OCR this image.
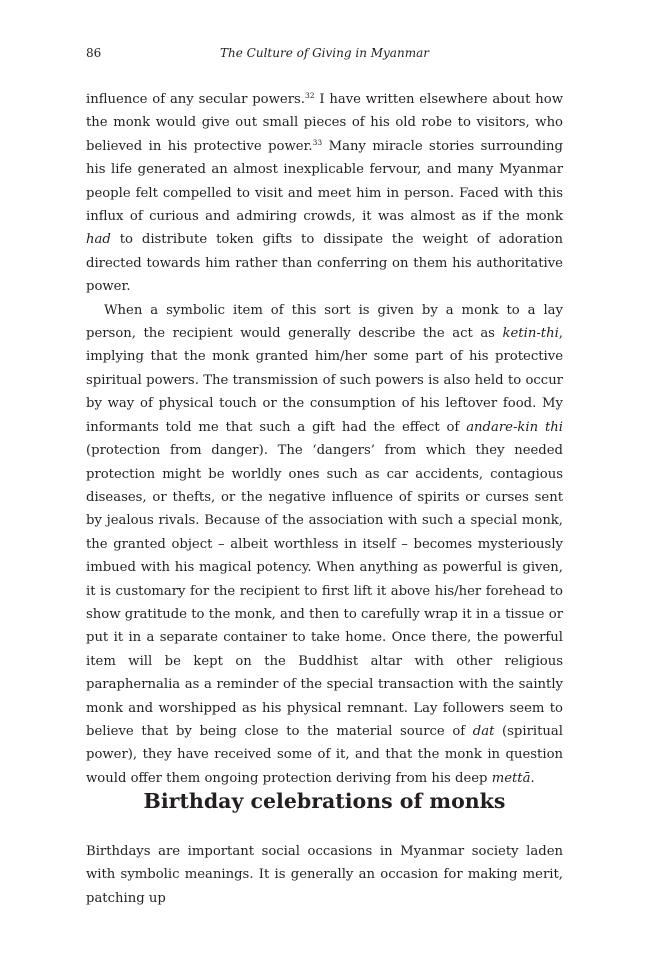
86	The Culture of Giving in Myanmar

influence of any secular powers.$^{32}$ I have written elsewhere about how the monk would give out small pieces of his old robe to visitors, who believed in his protective power.$^{33}$ Many miracle stories surrounding his life generated an almost inexplicable fervour, and many Myanmar people felt compelled to visit and meet him in person. Faced with this influx of curious and admiring crowds, it was almost as if the monk had to distribute token gifts to dissipate the weight of adoration directed towards him rather than conferring on them his authoritative power.

When a symbolic item of this sort is given by a monk to a lay person, the recipient would generally describe the act as ketin-thi, implying that the monk granted him/her some part of his protective spiritual powers. The transmission of such powers is also held to occur by way of physical touch or the consumption of his leftover food. My informants told me that such a gift had the effect of andare-kin thi (protection from danger). The ‘dangers’ from which they needed protection might be worldly ones such as car accidents, contagious diseases, or thefts, or the negative influence of spirits or curses sent by jealous rivals. Because of the association with such a special monk, the granted object – albeit worthless in itself – becomes mysteriously imbued with his magical potency. When anything as powerful is given, it is customary for the recipient to first lift it above his/her forehead to show gratitude to the monk, and then to carefully wrap it in a tissue or put it in a separate container to take home. Once there, the powerful item will be kept on the Buddhist altar with other religious paraphernalia as a reminder of the special transaction with the saintly monk and worshipped as his physical remnant. Lay followers seem to believe that by being close to the material source of dat (spiritual power), they have received some of it, and that the monk in question would offer them ongoing protection deriving from his deep mettā.

Birthday celebrations of monks

Birthdays are important social occasions in Myanmar society laden with symbolic meanings. It is generally an occasion for making merit, patching up
